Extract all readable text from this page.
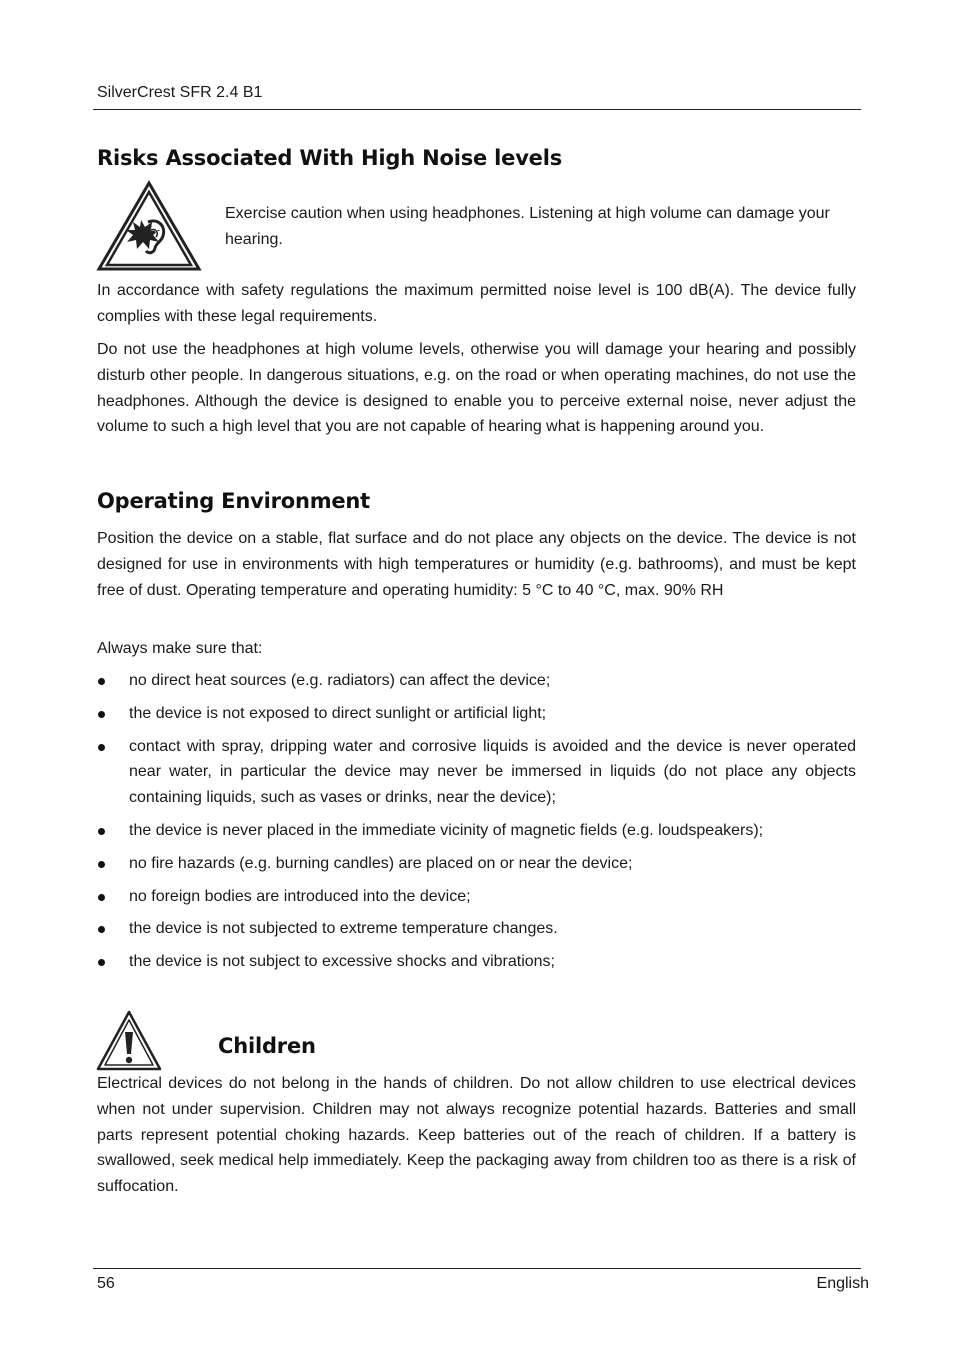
SilverCrest SFR 2.4 B1
Risks Associated With High Noise levels

Exercise caution when using headphones. Listening at high volume can damage your hearing.

In accordance with safety regulations the maximum permitted noise level is 100 dB(A). The device fully complies with these legal requirements.

Do not use the headphones at high volume levels, otherwise you will damage your hearing and possibly disturb other people. In dangerous situations, e.g. on the road or when operating machines, do not use the headphones. Although the device is designed to enable you to perceive external noise, never adjust the volume to such a high level that you are not capable of hearing what is happening around you.

Operating Environment

Position the device on a stable, flat surface and do not place any objects on the device. The device is not designed for use in environments with high temperatures or humidity (e.g. bathrooms), and must be kept free of dust. Operating temperature and operating humidity: 5 °C to 40 °C, max. 90% RH

Always make sure that:

no direct heat sources (e.g. radiators) can affect the device;
the device is not exposed to direct sunlight or artificial light;
contact with spray, dripping water and corrosive liquids is avoided and the device is never operated near water, in particular the device may never be immersed in liquids (do not place any objects containing liquids, such as vases or drinks, near the device);
the device is never placed in the immediate vicinity of magnetic fields (e.g. loudspeakers);
no fire hazards (e.g. burning candles) are placed on or near the device;
no foreign bodies are introduced into the device;
the device is not subjected to extreme temperature changes.
the device is not subject to excessive shocks and vibrations;
Children

Electrical devices do not belong in the hands of children. Do not allow children to use electrical devices when not under supervision. Children may not always recognize potential hazards. Batteries and small parts represent potential choking hazards. Keep batteries out of the reach of children. If a battery is swallowed, seek medical help immediately. Keep the packaging away from children too as there is a risk of suffocation.

56	English
